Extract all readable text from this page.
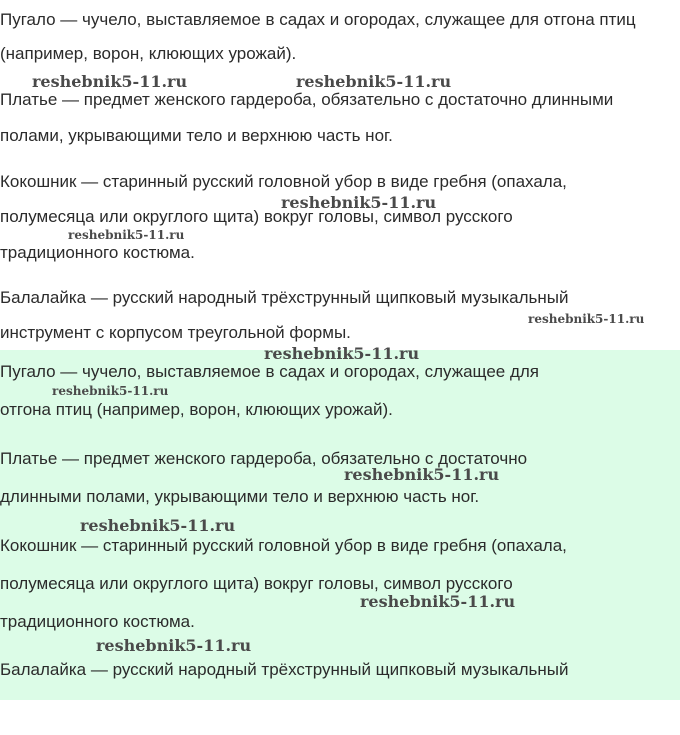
Пугало — чучело, выставляемое в садах и огородах, служащее для отгона птиц
(например, ворон, клюющих урожай).
Платье — предмет женского гардероба, обязательно с достаточно длинными
полами, укрывающими тело и верхнюю часть ног.
Кокошник — старинный русский головной убор в виде гребня (опахала,
полумесяца или округлого щита) вокруг головы, символ русского
традиционного костюма.
Балалайка — русский народный трёхструнный щипковый музыкальный
инструмент с корпусом треугольной формы.
Пугало — чучело, выставляемое в садах и огородах, служащее для
отгона птиц (например, ворон, клюющих урожай).
Платье — предмет женского гардероба, обязательно с достаточно
длинными полами, укрывающими тело и верхнюю часть ног.
Кокошник — старинный русский головной убор в виде гребня (опахала,
полумесяца или округлого щита) вокруг головы, символ русского
традиционного костюма.
Балалайка — русский народный трёхструнный щипковый музыкальный
reshebnik5-11.ru	reshebnik5-11.ru
reshebnik5-11.ru
reshebnik5-11.ru
reshebnik5-11.ru
reshebnik5-11.ru
reshebnik5-11.ru
reshebnik5-11.ru
reshebnik5-11.ru
reshebnik5-11.ru
reshebnik5-11.ru
